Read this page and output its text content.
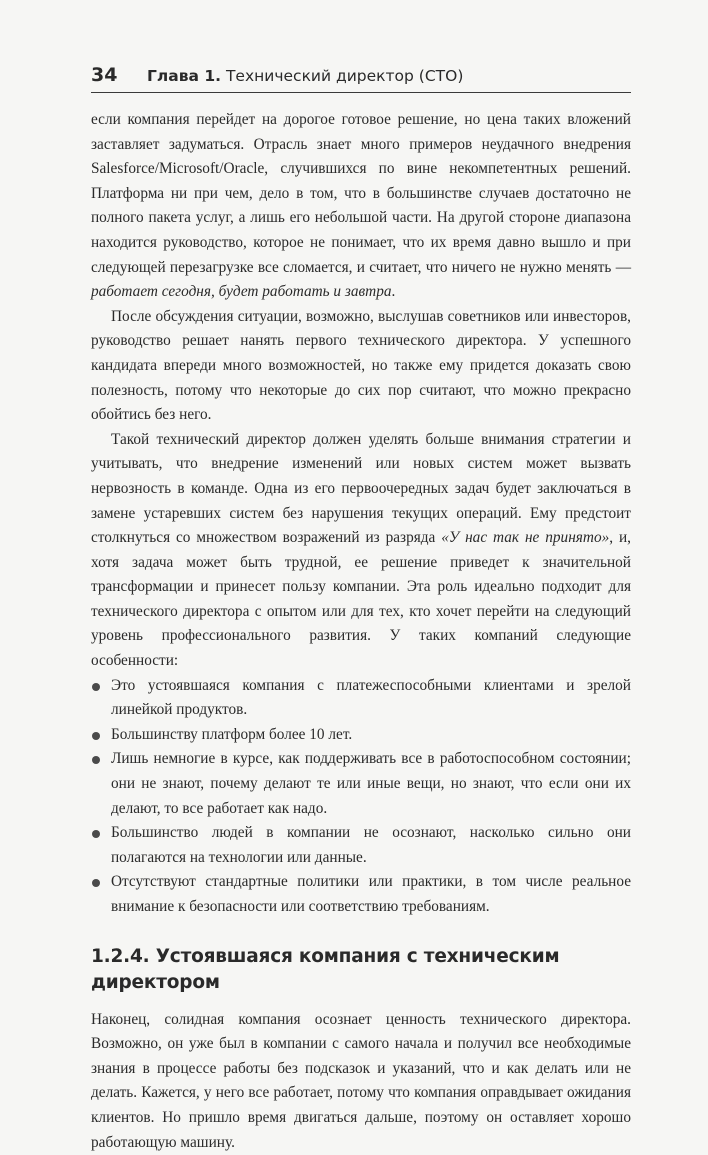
34 Глава 1. Технический директор (CTO)

если компания перейдет на дорогое готовое решение, но цена таких вложений заставляет задуматься. Отрасль знает много примеров неудачного внедрения Salesforce/Microsoft/Oracle, случившихся по вине некомпетентных решений. Платформа ни при чем, дело в том, что в большинстве случаев достаточно не полного пакета услуг, а лишь его небольшой части. На другой стороне диапазона находится руководство, которое не понимает, что их время давно вышло и при следующей перезагрузке все сломается, и считает, что ничего не нужно менять — работает сегодня, будет работать и завтра.

После обсуждения ситуации, возможно, выслушав советников или инвесторов, руководство решает нанять первого технического директора. У успешного кандидата впереди много возможностей, но также ему придется доказать свою полезность, потому что некоторые до сих пор считают, что можно прекрасно обойтись без него.

Такой технический директор должен уделять больше внимания стратегии и учитывать, что внедрение изменений или новых систем может вызвать нервозность в команде. Одна из его первоочередных задач будет заключаться в замене устаревших систем без нарушения текущих операций. Ему предстоит столкнуться со множеством возражений из разряда «У нас так не принято», и, хотя задача может быть трудной, ее решение приведет к значительной трансформации и принесет пользу компании. Эта роль идеально подходит для технического директора с опытом или для тех, кто хочет перейти на следующий уровень профессионального развития. У таких компаний следующие особенности:

Это устоявшаяся компания с платежеспособными клиентами и зрелой линейкой продуктов.
Большинству платформ более 10 лет.
Лишь немногие в курсе, как поддерживать все в работоспособном состоянии; они не знают, почему делают те или иные вещи, но знают, что если они их делают, то все работает как надо.
Большинство людей в компании не осознают, насколько сильно они полагаются на технологии или данные.
Отсутствуют стандартные политики или практики, в том числе реальное внимание к безопасности или соответствию требованиям.
1.2.4. Устоявшаяся компания с техническим директором

Наконец, солидная компания осознает ценность технического директора. Возможно, он уже был в компании с самого начала и получил все необходимые знания в процессе работы без подсказок и указаний, что и как делать или не делать. Кажется, у него все работает, потому что компания оправдывает ожидания клиентов. Но пришло время двигаться дальше, поэтому он оставляет хорошо работающую машину.
